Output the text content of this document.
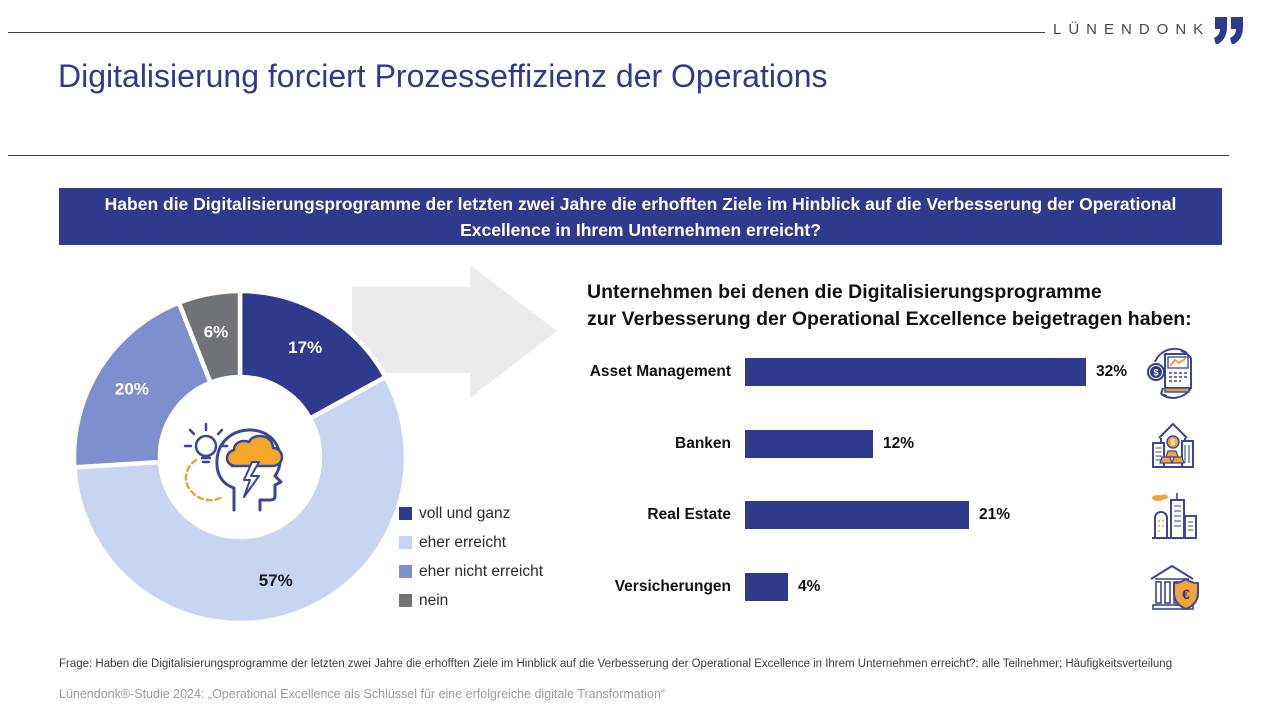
LÜNENDONK
Digitalisierung forciert Prozesseffizienz der Operations
Haben die Digitalisierungsprogramme der letzten zwei Jahre die erhofften Ziele im Hinblick auf die Verbesserung der Operational Excellence in Ihrem Unternehmen erreicht?
17%
57%
20%
6%
voll und ganz
eher erreicht
eher nicht erreicht
nein
Unternehmen bei denen die Digitalisierungsprogramme
zur Verbesserung der Operational Excellence beigetragen haben:
Asset Management	32%
Banken	12%
Real Estate	21%
Versicherungen	4%
$
$
€
Frage: Haben die Digitalisierungsprogramme der letzten zwei Jahre die erhofften Ziele im Hinblick auf die Verbesserung der Operational Excellence in Ihrem Unternehmen erreicht?; alle Teilnehmer; Häufigkeitsverteilung
Lünendonk®-Studie 2024: „Operational Excellence als Schlüssel für eine erfolgreiche digitale Transformation“
